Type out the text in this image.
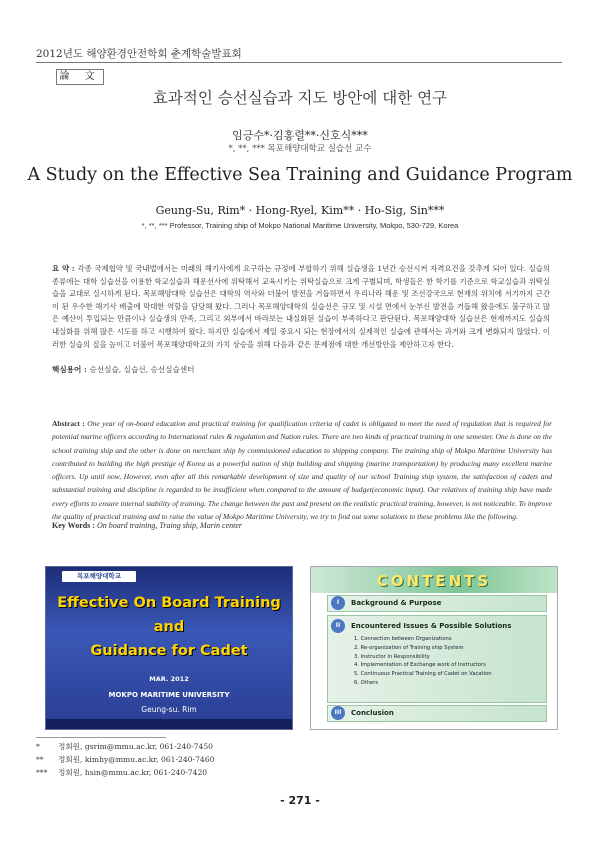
2012년도 해양환경안전학회 춘계학술발표회
論 文
효과적인 승선실습과 지도 방안에 대한 연구
임긍수*·김홍렬**·신호식***
*, **, *** 목포해양대학교 실습선 교수
A Study on the Effective Sea Training and Guidance Program
Geung-Su, Rim* · Hong-Ryel, Kim** · Ho-Sig, Sin***
*, **, *** Professor, Training ship of Mokpo National Maritime University, Mokpo, 530-729, Korea
요 약 : 각종 국제협약 및 국내법에서는 미래의 해기사에게 요구하는 규정에 부합하기 위해 실습생을 1년간 승선시켜 자격요건을 갖추게 되어 있다. 실습의 종류에는 대학 실습선을 이용한 학교실습과 해운선사에 위탁해서 교육시키는 위탁실습으로 크게 구별되며, 학생들은 한 학기를 기준으로 학교실습과 위탁실습을 교대로 실시하게 된다. 목포해양대학 실습선은 대학의 역사와 더불어 발전을 거듭하면서 우리나라 해운 및 조선강국으로 현재의 위치에 서기까지 근간이 된 우수한 해기사 배출에 막대한 역할을 담당해 왔다. 그러나 목포해양대학의 실습선은 규모 및 시설 면에서 눈부신 발전을 거듭해 왔음에도 불구하고 많은 예산이 투입되는 만큼이나 실습생의 만족, 그리고 외부에서 바라보는 내실화된 실습이 부족하다고 판단된다. 목포해양대학 실습선은 현재까지도 실습의 내실화를 위해 많은 시도를 하고 시행하여 왔다. 하지만 실습에서 제일 중요시 되는 현장에서의 실제적인 실습에 관해서는 과거와 크게 변화되지 않았다. 이러한 실습의 질을 높이고 더불어 목포해양대학교의 가치 상승을 위해 다음과 같은 문제점에 대한 개선방안을 제안하고자 한다.
핵심용어 : 승선실습, 실습선, 승선실습센터
Abstract : One year of on-board education and practical training for qualification criteria of cadet is obligated to meet the need of regulation that is required for potential marine officers according to International rules & regulation and Nation rules. There are two kinds of practical training in one semester. One is done on the school training ship and the other is done on merchant ship by commissioned education to shipping company. The training ship of Mokpo Maritime University has contributed to building the high prestige of Korea as a powerful nation of ship building and shipping (marine transportation) by producing many excellent marine officers. Up until now, However, even after all this remarkable development of size and quality of our school Training ship system, the satisfaction of cadets and substantial training and discipline is regarded to be insufficient when compared to the amount of budget(economic input). Our relatives of training ship have made every efforts to ensure internal stability of training. The change between the past and present on the realistic practical training, however, is not noticeable. To improve the quality of practical training and to raise the value of Mokpo Maritime University, we try to find out some solutions to these problems like the following.
Key Words : On board training, Traing ship, Marin center
목포해양대학교
Effective On Board Training
and
Guidance for Cadet
MAR. 2012
MOKPO MARITIME UNIVERSITY
Geung-su. Rim
CONTENTS
I Background & Purpose
II Encountered Issues & Possible Solutions
1. Connection between Organizations
2. Re-organization of Training ship System
3. Instructor in Responsibility
4. Implementation of Exchange work of Instructors
5. Continuous Practical Training of Cadet on Vacation
6. Others
III Conclusion
* 정회원, gsrim@mmu.ac.kr, 061-240-7450
** 정회원, kimhy@mmu.ac.kr, 061-240-7460
*** 정회원, hsin@mmu.ac.kr, 061-240-7420
- 271 -
